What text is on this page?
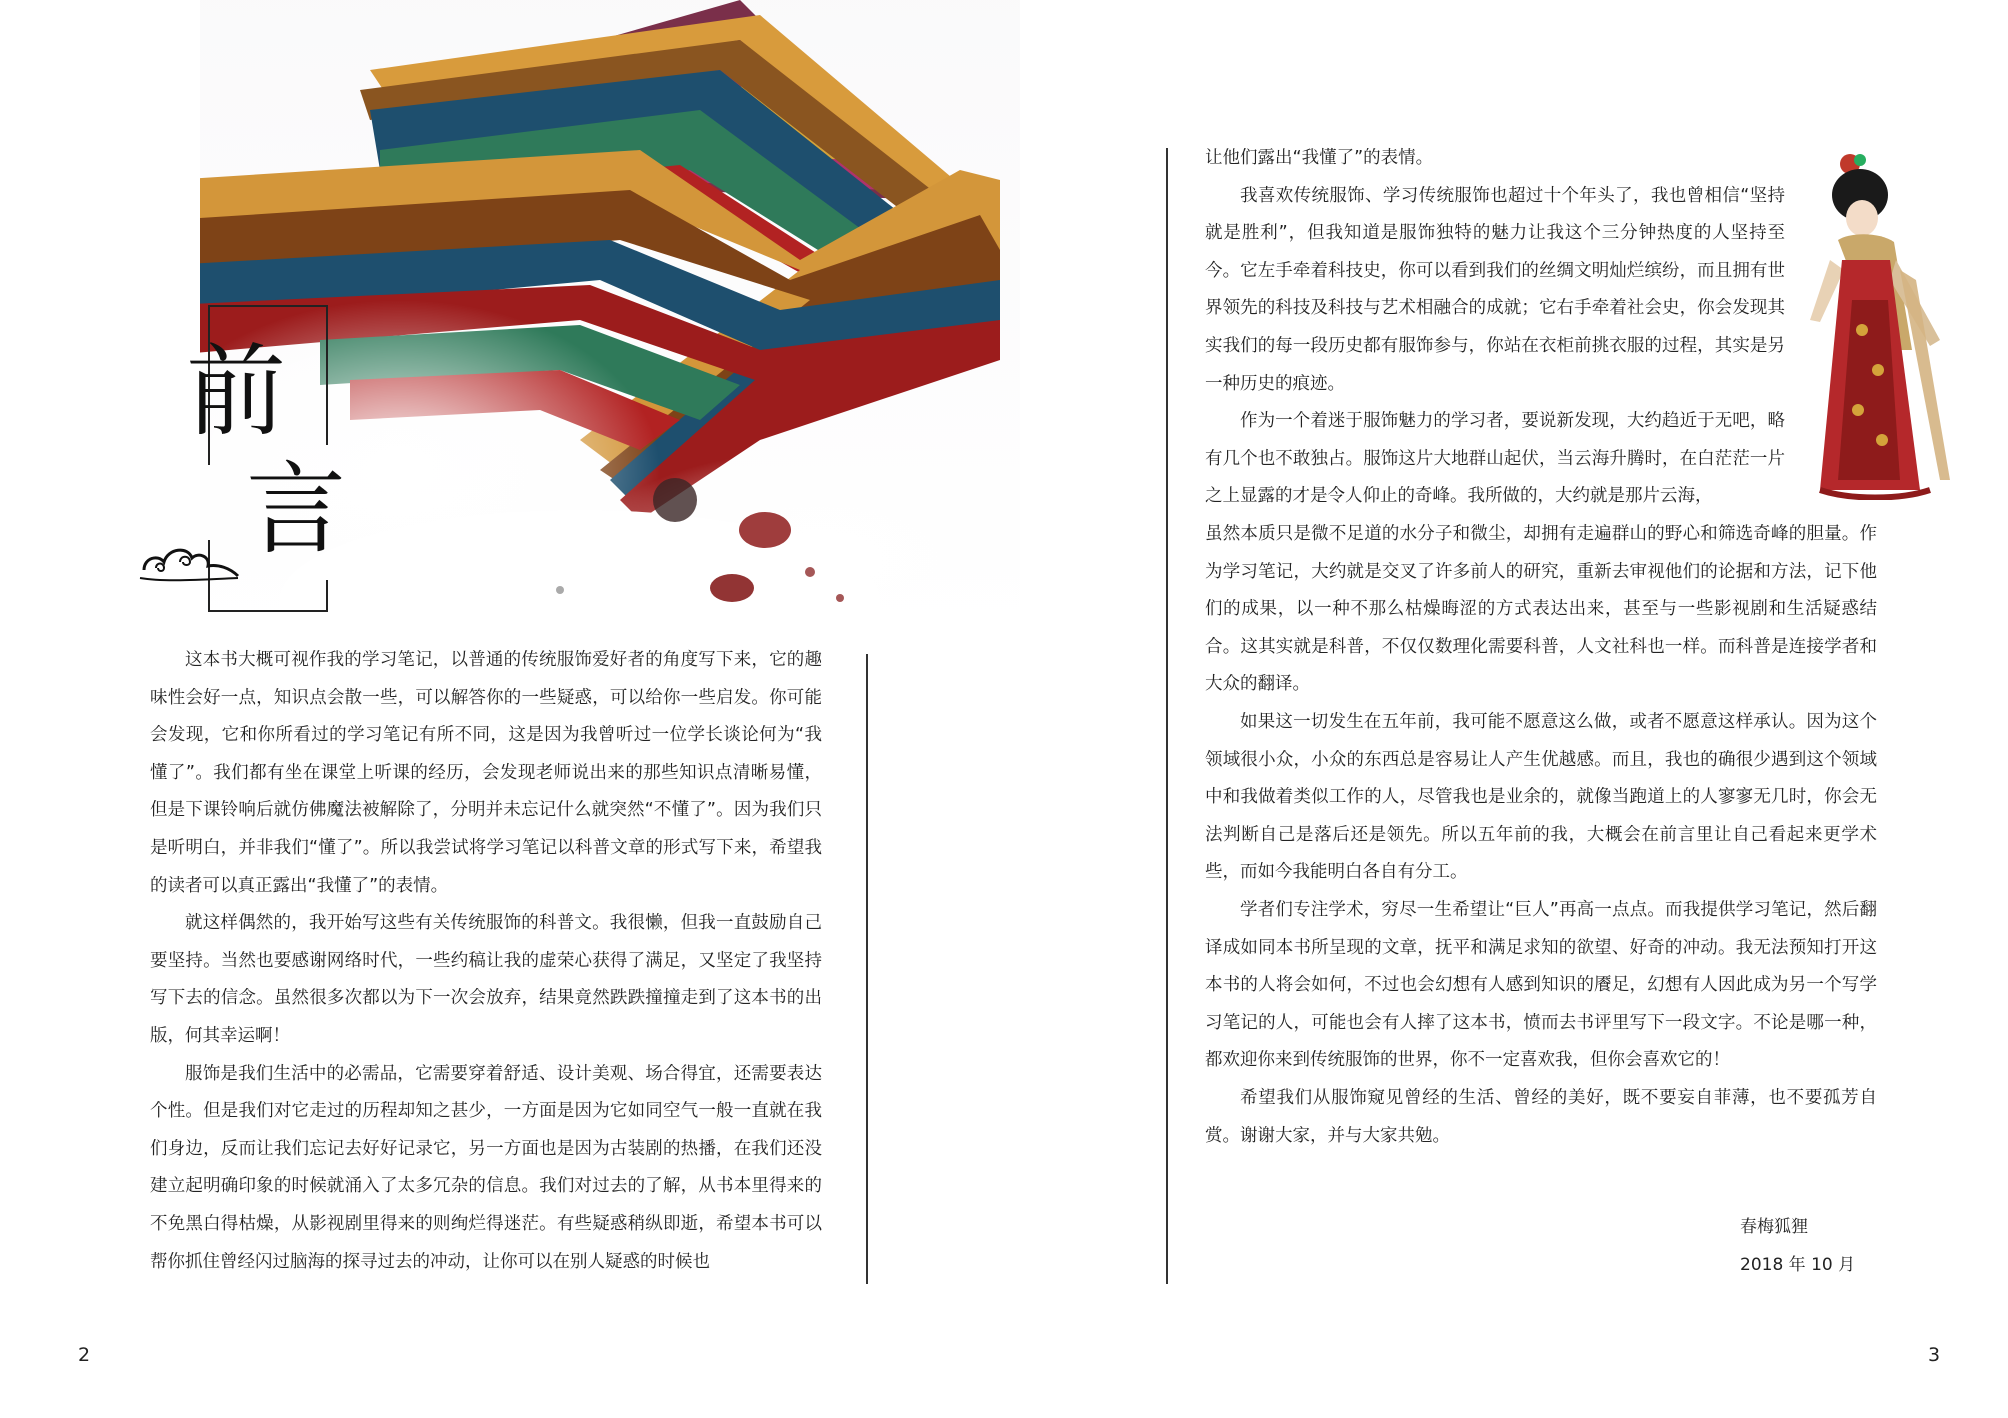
前
言

这本书大概可视作我的学习笔记，以普通的传统服饰爱好者的角度写下来，它的趣味性会好一点，知识点会散一些，可以解答你的一些疑惑，可以给你一些启发。你可能会发现，它和你所看过的学习笔记有所不同，这是因为我曾听过一位学长谈论何为“我懂了”。我们都有坐在课堂上听课的经历，会发现老师说出来的那些知识点清晰易懂，但是下课铃响后就仿佛魔法被解除了，分明并未忘记什么就突然“不懂了”。因为我们只是听明白，并非我们“懂了”。所以我尝试将学习笔记以科普文章的形式写下来，希望我的读者可以真正露出“我懂了”的表情。

就这样偶然的，我开始写这些有关传统服饰的科普文。我很懒，但我一直鼓励自己要坚持。当然也要感谢网络时代，一些约稿让我的虚荣心获得了满足，又坚定了我坚持写下去的信念。虽然很多次都以为下一次会放弃，结果竟然跌跌撞撞走到了这本书的出版，何其幸运啊！

服饰是我们生活中的必需品，它需要穿着舒适、设计美观、场合得宜，还需要表达个性。但是我们对它走过的历程却知之甚少，一方面是因为它如同空气一般一直就在我们身边，反而让我们忘记去好好记录它，另一方面也是因为古装剧的热播，在我们还没建立起明确印象的时候就涌入了太多冗杂的信息。我们对过去的了解，从书本里得来的不免黑白得枯燥，从影视剧里得来的则绚烂得迷茫。有些疑惑稍纵即逝，希望本书可以帮你抓住曾经闪过脑海的探寻过去的冲动，让你可以在别人疑惑的时候也

让他们露出“我懂了”的表情。

我喜欢传统服饰、学习传统服饰也超过十个年头了，我也曾相信“坚持就是胜利”，但我知道是服饰独特的魅力让我这个三分钟热度的人坚持至今。它左手牵着科技史，你可以看到我们的丝绸文明灿烂缤纷，而且拥有世界领先的科技及科技与艺术相融合的成就；它右手牵着社会史，你会发现其实我们的每一段历史都有服饰参与，你站在衣柜前挑衣服的过程，其实是另一种历史的痕迹。

作为一个着迷于服饰魅力的学习者，要说新发现，大约趋近于无吧，略有几个也不敢独占。服饰这片大地群山起伏，当云海升腾时，在白茫茫一片之上显露的才是令人仰止的奇峰。我所做的，大约就是那片云海，

虽然本质只是微不足道的水分子和微尘，却拥有走遍群山的野心和筛选奇峰的胆量。作为学习笔记，大约就是交叉了许多前人的研究，重新去审视他们的论据和方法，记下他们的成果，以一种不那么枯燥晦涩的方式表达出来，甚至与一些影视剧和生活疑惑结合。这其实就是科普，不仅仅数理化需要科普，人文社科也一样。而科普是连接学者和大众的翻译。

如果这一切发生在五年前，我可能不愿意这么做，或者不愿意这样承认。因为这个领域很小众，小众的东西总是容易让人产生优越感。而且，我也的确很少遇到这个领域中和我做着类似工作的人，尽管我也是业余的，就像当跑道上的人寥寥无几时，你会无法判断自己是落后还是领先。所以五年前的我，大概会在前言里让自己看起来更学术些，而如今我能明白各自有分工。

学者们专注学术，穷尽一生希望让“巨人”再高一点点。而我提供学习笔记，然后翻译成如同本书所呈现的文章，抚平和满足求知的欲望、好奇的冲动。我无法预知打开这本书的人将会如何，不过也会幻想有人感到知识的餍足，幻想有人因此成为另一个写学习笔记的人，可能也会有人摔了这本书，愤而去书评里写下一段文字。不论是哪一种，都欢迎你来到传统服饰的世界，你不一定喜欢我，但你会喜欢它的！

希望我们从服饰窥见曾经的生活、曾经的美好，既不要妄自菲薄，也不要孤芳自赏。谢谢大家，并与大家共勉。

春梅狐狸
2018 年 10 月
2	3
